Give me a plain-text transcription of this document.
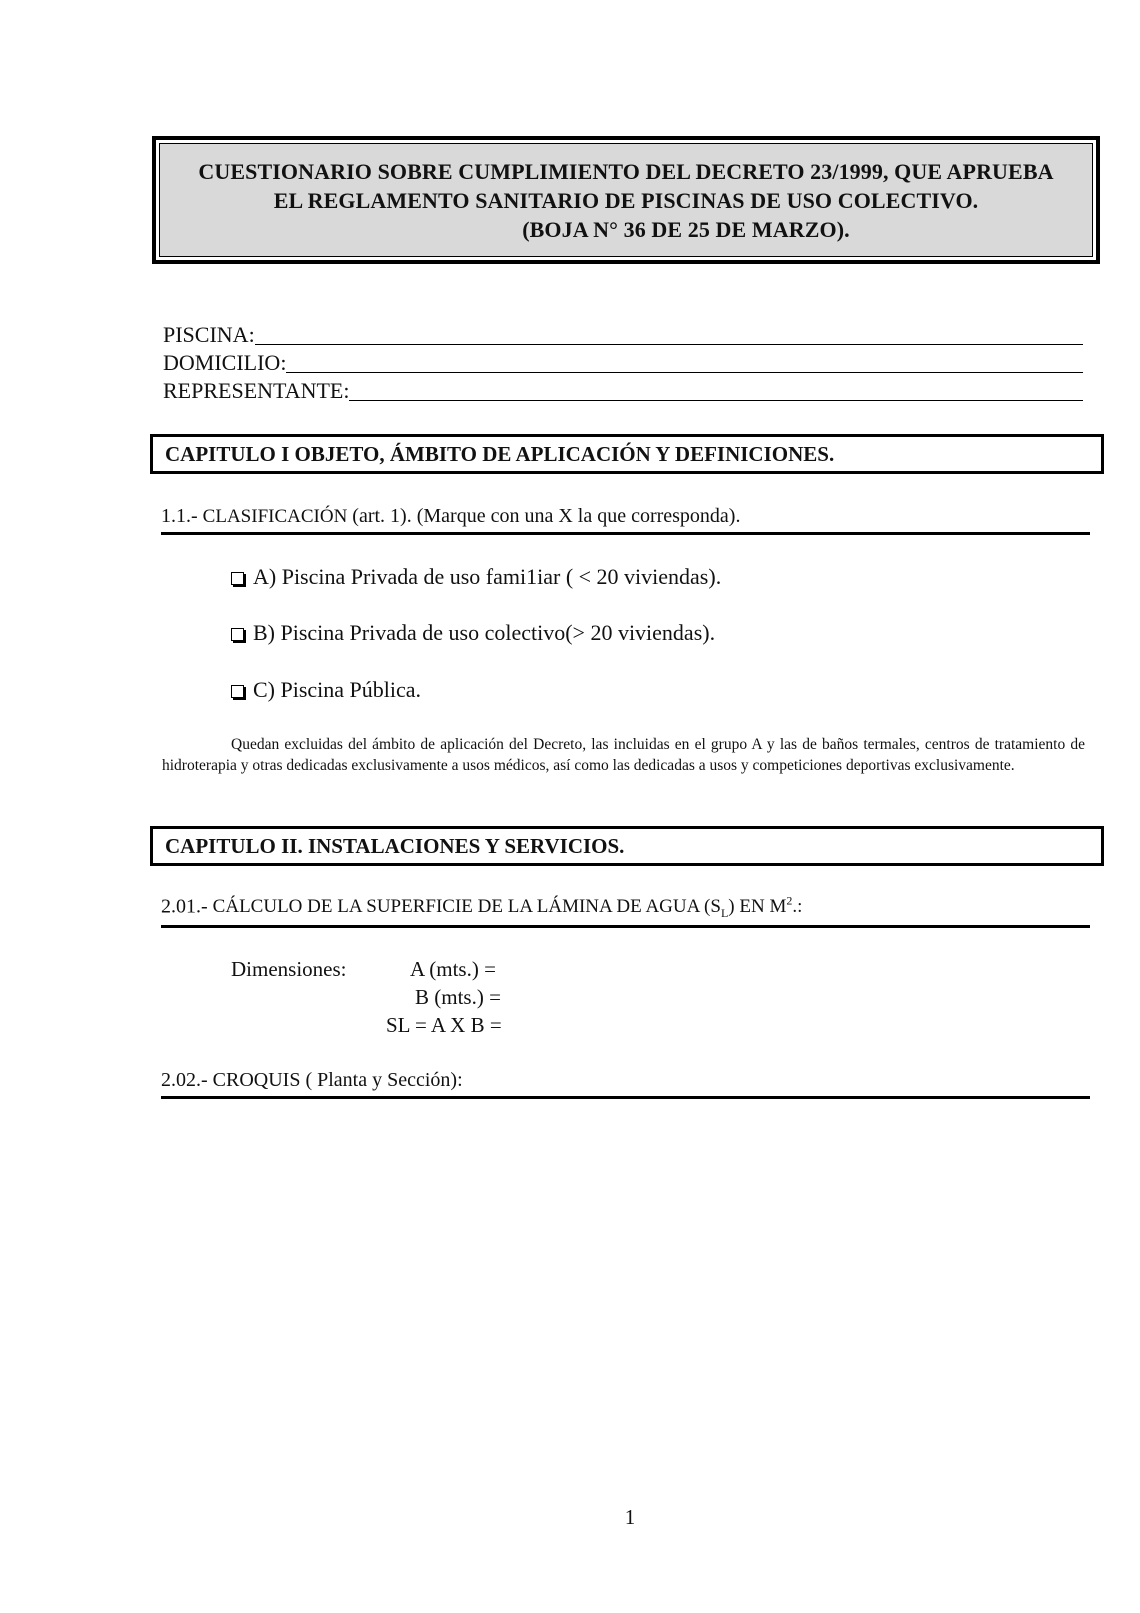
CUESTIONARIO SOBRE CUMPLIMIENTO DEL DECRETO 23/1999, QUE APRUEBA
EL REGLAMENTO SANITARIO DE PISCINAS DE USO COLECTIVO.
(BOJA N° 36 DE 25 DE MARZO).
PISCINA:
DOMICILIO:
REPRESENTANTE:
CAPITULO I OBJETO, ÁMBITO DE APLICACIÓN Y DEFINICIONES.
1.1.- CLASIFICACIÓN (art. 1). (Marque con una X la que corresponda).
A) Piscina Privada de uso fami1iar ( < 20 viviendas).
B) Piscina Privada de uso colectivo(> 20 viviendas).
C) Piscina Pública.
Quedan excluidas del ámbito de aplicación del Decreto, las incluidas en el grupo A y las de baños termales, centros de tratamiento de hidroterapia y otras dedicadas exclusivamente a usos médicos, así como las dedicadas a usos y competiciones deportivas exclusivamente.
CAPITULO II. INSTALACIONES Y SERVICIOS.
2.01.- CÁLCULO DE LA SUPERFICIE DE LA LÁMINA DE AGUA $(S_L)$ EN $M^2$.:
Dimensiones:	A (mts.) =
B (mts.) =
SL = A X B =
2.02.- CROQUIS ( Planta y Sección):
1
